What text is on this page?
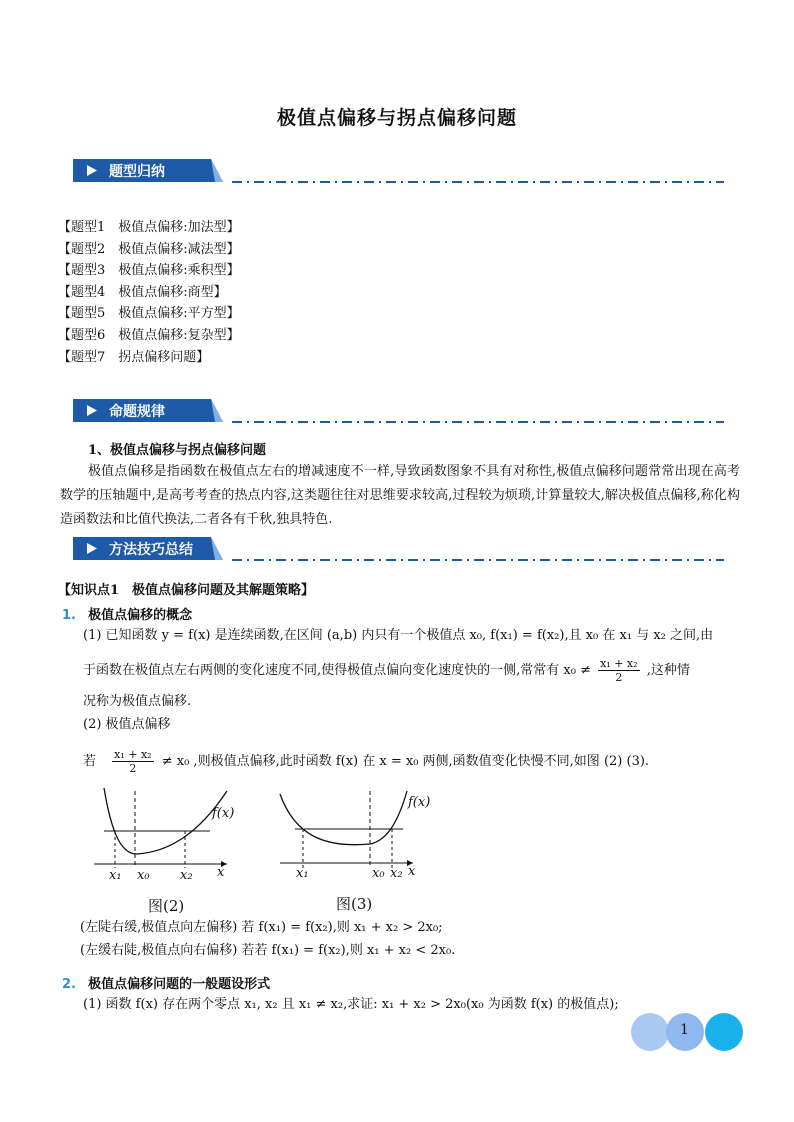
极值点偏移与拐点偏移问题
题型归纳
【题型1　极值点偏移:加法型】
【题型2　极值点偏移:减法型】
【题型3　极值点偏移:乘积型】
【题型4　极值点偏移:商型】
【题型5　极值点偏移:平方型】
【题型6　极值点偏移:复杂型】
【题型7　拐点偏移问题】
命题规律
1、极值点偏移与拐点偏移问题
极值点偏移是指函数在极值点左右的增减速度不一样,导致函数图象不具有对称性,极值点偏移问题常常出现在高考数学的压轴题中,是高考考查的热点内容,这类题往往对思维要求较高,过程较为烦琐,计算量较大,解决极值点偏移,称化构造函数法和比值代换法,二者各有千秋,独具特色.
方法技巧总结
【知识点1　极值点偏移问题及其解题策略】
1. 极值点偏移的概念
(1) 已知函数 y = f(x) 是连续函数,在区间 (a,b) 内只有一个极值点 x₀, f(x₁) = f(x₂),且 x₀ 在 x₁ 与 x₂ 之间,由
于函数在极值点左右两侧的变化速度不同,使得极值点偏向变化速度快的一侧,常常有 $x_0 \ne \frac{\text{x₁ + x₂}}{2}$ ,这种情
况称为极值点偏移.
(2) 极值点偏移
若 $\frac{\text{x₁ + x₂}}{2} \ne x_0$ ,则极值点偏移,此时函数 f(x) 在 x = x₀ 两侧,函数值变化快慢不同,如图 (2) (3).
f(x)
x₁ x₀ x₂ x
图(2)
f(x)
x₁	x₀ x₂ x
图(3)
(左陡右缓,极值点向左偏移) 若 f(x₁) = f(x₂),则 x₁ + x₂ > 2x₀;
(左缓右陡,极值点向右偏移) 若若 f(x₁) = f(x₂),则 x₁ + x₂ < 2x₀.
2. 极值点偏移问题的一般题设形式
(1) 函数 f(x) 存在两个零点 x₁, x₂ 且 x₁ ≠ x₂,求证: x₁ + x₂ > 2x₀(x₀ 为函数 f(x) 的极值点);
1
